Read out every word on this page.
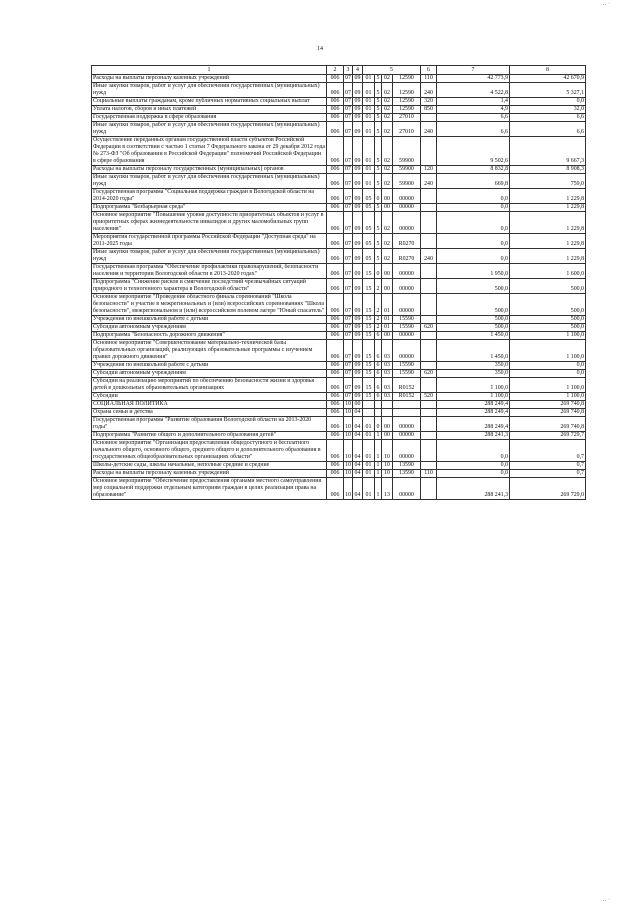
‥ ·
14
1	2	3	4	5				6	7	8
Расходы на выплаты персоналу казенных учреждений	006	07	09	01	5	02	12590	110	42 773,9	42 670,9
Иные закупки товаров, работ и услуг для обеспечения государственных (муниципальных) нужд	006	07	09	01	5	02	12590	240	4 522,8	5 327,1
Социальные выплаты гражданам, кроме публичных нормативных социальных выплат	006	07	09	01	5	02	12590	320	1,4	0,0
Уплата налогов, сборов и иных платежей	006	07	09	01	5	02	12590	850	4,9	32,0
Государственная поддержка в сфере образования	006	07	09	01	5	02	27010		6,6	6,6
Иные закупки товаров, работ и услуг для обеспечения государственных (муниципальных) нужд	006	07	09	01	5	02	27010	240	6,6	6,6
Осуществление переданных органам государственной власти субъектов Российской Федерации в соответствии с частью 1 статьи 7 Федерального закона от 29 декабря 2012 года № 273-ФЗ "Об образовании в Российской Федерации" полномочий Российской Федерации в сфере образования	006	07	09	01	5	02	59900		9 502,6	9 667,3
Расходы на выплаты персоналу государственных (муниципальных) органов	006	07	09	01	5	02	59900	120	8 832,8	8 908,3
Иные закупки товаров, работ и услуг для обеспечения государственных (муниципальных) нужд	006	07	09	01	5	02	59900	240	669,8	759,0
Государственная программа "Социальная поддержка граждан в Вологодской области на 2014-2020 годы"	006	07	09	05	0	00	00000		0,0	1 229,8
Подпрограмма "Безбарьерная среда"	006	07	09	05	5	00	00000		0,0	1 229,8
Основное мероприятие "Повышение уровня доступности приоритетных объектов и услуг в приоритетных сферах жизнедеятельности инвалидов и других маломобильных групп населения"	006	07	09	05	5	02	00000		0,0	1 229,8
Мероприятия государственной программы Российской Федерации "Доступная среда" на 2011-2025 годы	006	07	09	05	5	02	R0270		0,0	1 229,8
Иные закупки товаров, работ и услуг для обеспечения государственных (муниципальных) нужд	006	07	09	05	5	02	R0270	240	0,0	1 229,8
Государственная программа "Обеспечение профилактики правонарушений, безопасности населения и территории Вологодской области в 2013-2020 годах"	006	07	09	15	0	00	00000		1 950,0	1 600,0
Подпрограмма "Снижение рисков и смягчение последствий чрезвычайных ситуаций природного и техногенного характера в Вологодской области"	006	07	09	15	2	00	00000		500,0	500,0
Основное мероприятие "Проведение областного финала соревнований "Школа безопасности" и участие в межрегиональных и (или) всероссийских соревнованиях "Школа безопасности", межрегиональном и (или) всероссийском полевом лагере "Юный спасатель"	006	07	09	15	2	01	00000		500,0	500,0
Учреждения по внешкольной работе с детьми	006	07	09	15	2	01	15590		500,0	500,0
Субсидии автономным учреждениям	006	07	09	15	2	01	15590	620	500,0	500,0
Подпрограмма "Безопасность дорожного движения"	006	07	09	15	6	00	00000		1 450,0	1 100,0
Основное мероприятие "Совершенствование материально-технической базы образовательных организаций, реализующих образовательные программы с изучением правил дорожного движения"	006	07	09	15	6	03	00000		1 450,0	1 100,0
Учреждения по внешкольной работе с детьми	006	07	09	15	6	03	15590		350,0	0,0
Субсидии автономным учреждениям	006	07	09	15	6	03	15590	620	350,0	0,0
Субсидии на реализацию мероприятий по обеспечению безопасности жизни и здоровья детей в дошкольных образовательных организациях	006	07	09	15	6	03	R0152		1 100,0	1 100,0
Субсидии	006	07	09	15	6	03	R0152	520	1 100,0	1 100,0
СОЦИАЛЬНАЯ ПОЛИТИКА	006	10	00						288 249,4	269 740,8
Охрана семьи и детства	006	10	04						288 249,4	269 740,8
Государственная программа "Развитие образования Вологодской области на 2013-2020 годы"	006	10	04	01	0	00	00000		288 249,4	269 740,8
Подпрограмма "Развитие общего и дополнительного образования детей"	006	10	04	01	1	00	00000		288 241,3	269 729,7
Основное мероприятие "Организация предоставления общедоступного и бесплатного начального общего, основного общего, среднего общего и дополнительного образования в государственных общеобразовательных организациях области"	006	10	04	01	1	10	00000		0,0	0,7
Школы-детские сады, школы начальные, неполные средние и средние	006	10	04	01	1	10	13590		0,0	0,7
Расходы на выплаты персоналу казенных учреждений	006	10	04	01	1	10	13590	110	0,0	0,7
Основное мероприятие "Обеспечение предоставления органами местного самоуправления мер социальной поддержки отдельным категориям граждан в целях реализации права на образование"	006	10	04	01	1	13	00000		288 241,3	269 729,0
‥ ·
